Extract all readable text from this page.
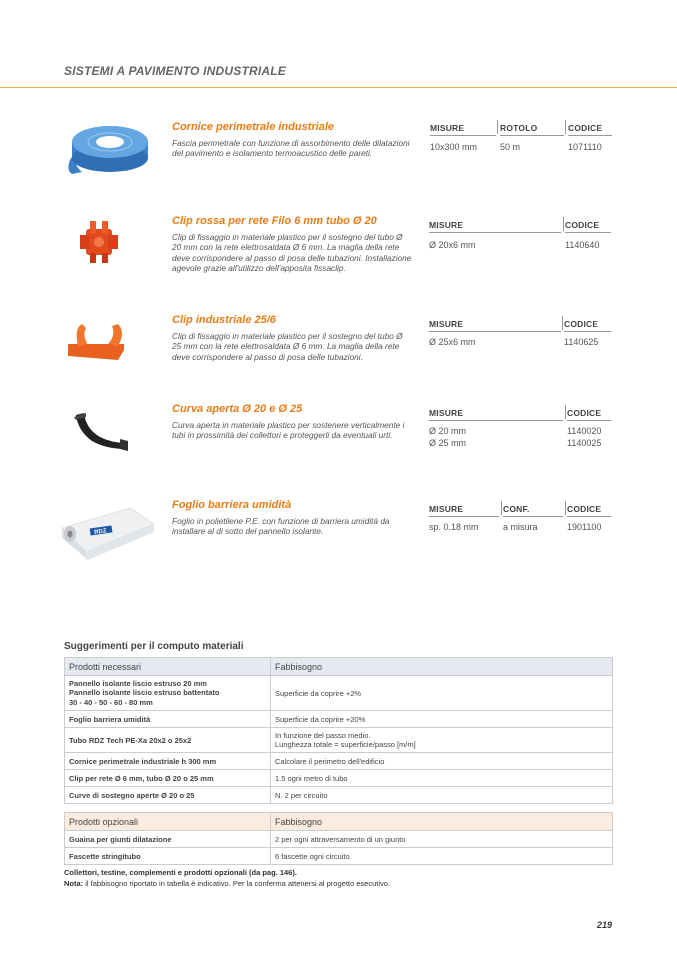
SISTEMI A PAVIMENTO INDUSTRIALE
Cornice perimetrale industriale
Fascia perimetrale con funzione di assorbimento delle dilatazioni del pavimento e isolamento termoacustico delle pareti.
MISURE	ROTOLO	CODICE
10x300 mm	50 m	1071110
Clip rossa per rete Filo 6 mm tubo Ø 20
Clip di fissaggio in materiale plastico per il sostegno del tubo Ø 20 mm con la rete elettrosaldata Ø 6 mm. La maglia della rete deve corrispondere al passo di posa delle tubazioni. Installazione agevole grazie all'utilizzo dell'apposita fissaclip.
MISURE	CODICE
Ø 20x6 mm	1140640
Clip industriale 25/6
Clip di fissaggio in materiale plastico per il sostegno del tubo Ø 25 mm con la rete elettrosaldata Ø 6 mm. La maglia della rete deve corrispondere al passo di posa delle tubazioni.
MISURE	CODICE
Ø 25x6 mm	1140625
Curva aperta Ø 20 e Ø 25
Curva aperta in materiale plastico per sostenere verticalmente i tubi in prossimità dei collettori e proteggerli da eventuali urti.
MISURE	CODICE
Ø 20 mm	1140020
Ø 25 mm	1140025
RDZ
Foglio barriera umidità
Foglio in polietilene P.E. con funzione di barriera umidità da installare al di sotto del pannello isolante.
MISURE	CONF.	CODICE
sp. 0.18 mm	a misura	1901100
Suggerimenti per il computo materiali
Prodotti necessari	Fabbisogno
Pannello isolante liscio estruso 20 mm
Pannello isolante liscio estruso battentato
30 - 40 - 50 - 60 - 80 mm	Superficie da coprire +2%
Foglio barriera umidità	Superficie da coprire +20%
Tubo RDZ Tech PE-Xa 20x2 o 25x2	In funzione del passo medio.
Lunghezza totale = superficie/passo [m/m]
Cornice perimetrale industriale h 300 mm	Calcolare il perimetro dell'edificio
Clip per rete Ø 6 mm, tubo Ø 20 o 25 mm	1.5 ogni metro di tubo
Curve di sostegno aperte Ø 20 o 25	N. 2 per circuito
Prodotti opzionali	Fabbisogno
Guaina per giunti dilatazione	2 per ogni attraversamento di un giunto
Fascette stringitubo	6 fascette ogni circuito
Collettori, testine, complementi e prodotti opzionali (da pag. 146).
Nota: il fabbisogno riportato in tabella è indicativo. Per la conferma attenersi al progetto esecutivo.
219
